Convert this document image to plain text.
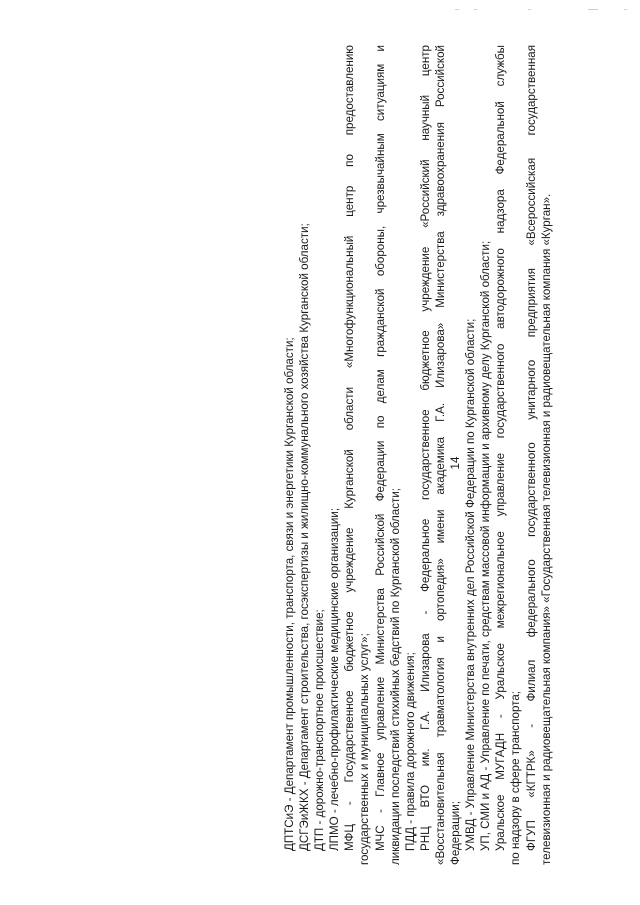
14
ДПТСиЭ - Департамент промышленности, транспорта, связи и энергетики Курганской области; ДСГЭиЖКХ - Департамент строительства, госэкспертизы и жилищно-коммунального хозяйства Курганской области; ДТП - дорожно-транспортное происшествие; ЛПМО - лечебно-профилактические медицинские организации; МФЦ - Государственное бюджетное учреждение Курганской области «Многофункциональный центр по предоставлению государственных и муниципальных услуг»; МЧС - Главное управление Министерства Российской Федерации по делам гражданской обороны, чрезвычайным ситуациям и ликвидации последствий стихийных бедствий по Курганской области; ПДД - правила дорожного движения; РНЦ ВТО им. Г.А. Илизарова - Федеральное государственное бюджетное учреждение «Российский научный центр «Восстановительная травматология и ортопедия» имени академика Г.А. Илизарова» Министерства здравоохранения Российской Федерации; УМВД - Управление Министерства внутренних дел Российской Федерации по Курганской области; УП, СМИ и АД - Управление по печати, средствам массовой информации и архивному делу Курганской области; Уральское МУГАДН - Уральское межрегиональное управление государственного автодорожного надзора Федеральной службы по надзору в сфере транспорта; ФГУП «КГТРК» - Филиал федерального государственного унитарного предприятия «Всероссийская государственная телевизионная и радиовещательная компания» «Государственная телевизионная и радиовещательная компания «Курган».
